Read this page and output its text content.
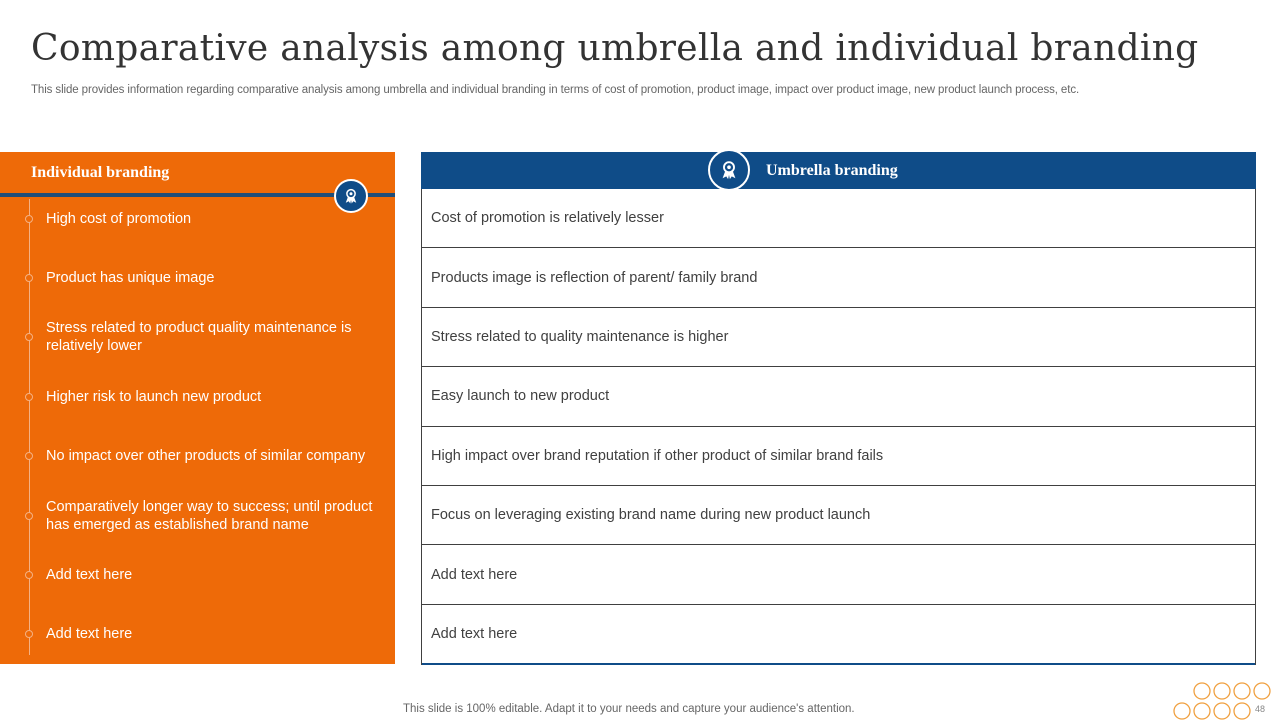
Comparative analysis among umbrella and individual branding
This slide provides information regarding comparative analysis among umbrella and individual branding in terms of cost of promotion, product image, impact over product image, new product launch process, etc.
Individual branding
High cost of promotion
Product has unique image
Stress related to product quality maintenance is relatively lower
Higher risk to launch new product
No impact over other products of similar company
Comparatively longer way to success; until product has emerged as established brand name
Add text here
Add text here
Umbrella branding
Cost of promotion is relatively lesser
Products image is reflection of parent/ family brand
Stress related to quality maintenance is higher
Easy launch to new product
High impact over brand reputation if other product of similar brand fails
Focus on leveraging existing brand name during new product launch
Add text here
Add text here
This slide is 100% editable. Adapt it to your needs and capture your audience's attention.	48
